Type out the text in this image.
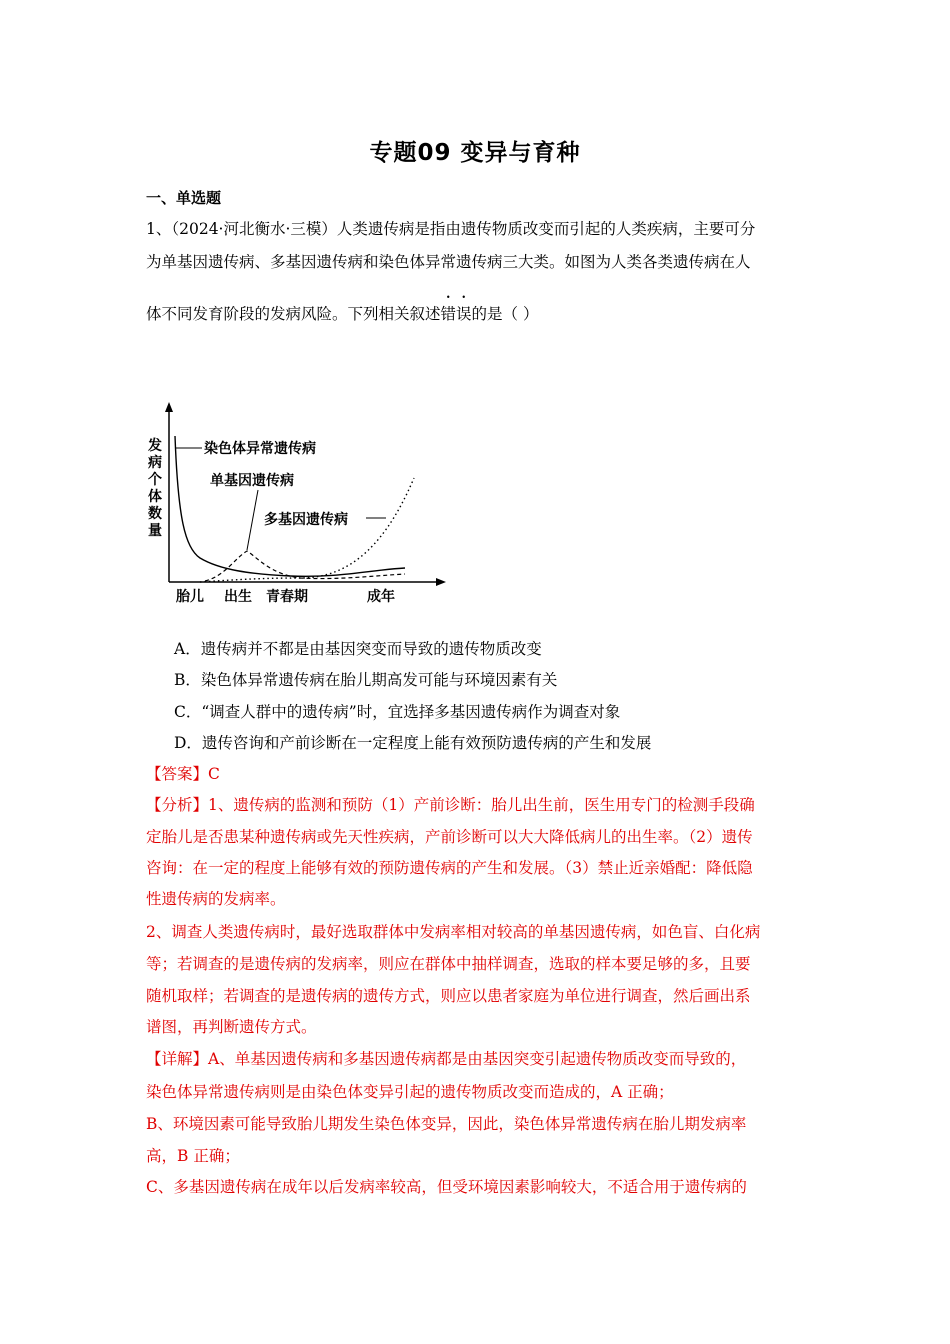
专题09 变异与育种
一、单选题
1、（2024·河北衡水·三模）人类遗传病是指由遗传物质改变而引起的人类疾病，主要可分
为单基因遗传病、多基因遗传病和染色体异常遗传病三大类。如图为人类各类遗传病在人
体不同发育阶段的发病风险。下列相关叙述错误的是（ ）
发病个体数量
染色体异常遗传病
单基因遗传病
多基因遗传病
胎儿 出生 青春期	成年
A．遗传病并不都是由基因突变而导致的遗传物质改变
B．染色体异常遗传病在胎儿期高发可能与环境因素有关
C．“调查人群中的遗传病”时，宜选择多基因遗传病作为调查对象
D．遗传咨询和产前诊断在一定程度上能有效预防遗传病的产生和发展
【答案】C
【分析】1、遗传病的监测和预防（1）产前诊断：胎儿出生前，医生用专门的检测手段确
定胎儿是否患某种遗传病或先天性疾病，产前诊断可以大大降低病儿的出生率。（2）遗传
咨询：在一定的程度上能够有效的预防遗传病的产生和发展。（3）禁止近亲婚配：降低隐
性遗传病的发病率。
2、调查人类遗传病时，最好选取群体中发病率相对较高的单基因遗传病，如色盲、白化病
等；若调查的是遗传病的发病率，则应在群体中抽样调查，选取的样本要足够的多，且要
随机取样；若调查的是遗传病的遗传方式，则应以患者家庭为单位进行调查，然后画出系
谱图，再判断遗传方式。
【详解】A、单基因遗传病和多基因遗传病都是由基因突变引起遗传物质改变而导致的，
染色体异常遗传病则是由染色体变异引起的遗传物质改变而造成的，A 正确；
B、环境因素可能导致胎儿期发生染色体变异，因此，染色体异常遗传病在胎儿期发病率
高，B 正确；
C、多基因遗传病在成年以后发病率较高，但受环境因素影响较大，不适合用于遗传病的
